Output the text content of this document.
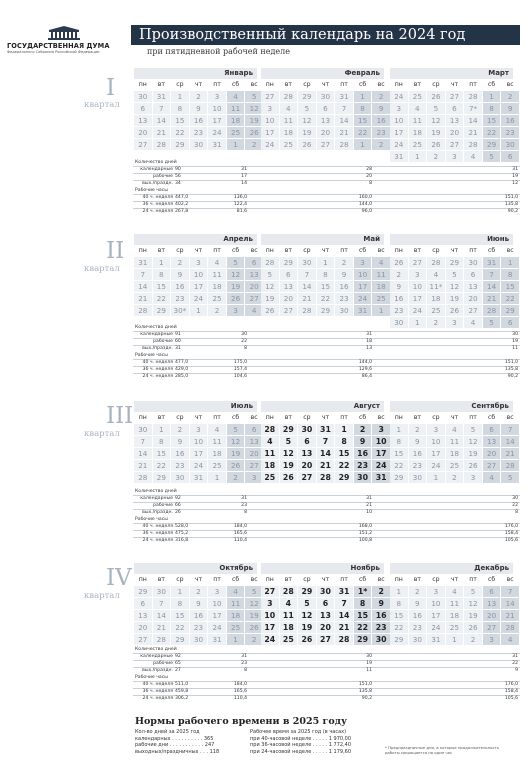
ГОСУДАРСТВЕННАЯ ДУМА
Федерального Собрания Российской Федерации
Производственный календарь на 2024 год
при пятидневной рабочей неделе
I
квартал
II
квартал
III
квартал
IV
квартал
Январь
пн	вт	ср	чт	пт	сб	вс
30	31	1	2	3	4	5
6	7	8	9	10	11	12
13	14	15	16	17	18	19
20	21	22	23	24	25	26
27	28	29	30	31	1	2
Февраль
пн	вт	ср	чт	пт	сб	вс
27	28	29	30	31	1	2
3	4	5	6	7	8	9
10	11	12	13	14	15	16
17	18	19	20	21	22	23
24	25	26	27	28	1	2
Март
пн	вт	ср	чт	пт	сб	вс
24	25	26	27	28	1	2
3	4	5	6	7*	8	9
10	11	12	13	14	15	16
17	18	19	20	21	22	23
24	25	26	27	28	29	30
31	1	2	3	4	5	6
Апрель
пн	вт	ср	чт	пт	сб	вс
31	1	2	3	4	5	6
7	8	9	10	11	12	13
14	15	16	17	18	19	20
21	22	23	24	25	26	27
28	29	30*	1	2	3	4
Май
пн	вт	ср	чт	пт	сб	вс
28	29	30	1	2	3	4
5	6	7	8	9	10	11
12	13	14	15	16	17	18
19	20	21	22	23	24	25
26	27	28	29	30	31	1
Июнь
пн	вт	ср	чт	пт	сб	вс
26	27	28	29	30	31	1
2	3	4	5	6	7	8
9	10	11*	12	13	14	15
16	17	18	19	20	21	22
23	24	25	26	27	28	29
30	1	2	3	4	5	6
Июль
пн	вт	ср	чт	пт	сб	вс
30	1	2	3	4	5	6
7	8	9	10	11	12	13
14	15	16	17	18	19	20
21	22	23	24	25	26	27
28	29	30	31	1	2	3
Август
пн	вт	ср	чт	пт	сб	вс
28	29	30	31	1	2	3
4	5	6	7	8	9	10
11	12	13	14	15	16	17
18	19	20	21	22	23	24
25	26	27	28	29	30	31
Сентябрь
пн	вт	ср	чт	пт	сб	вс
1	2	3	4	5	6	7
8	9	10	11	12	13	14
15	16	17	18	19	20	21
22	23	24	25	26	27	28
29	30	1	2	3	4	5
Октябрь
пн	вт	ср	чт	пт	сб	вс
29	30	1	2	3	4	5
6	7	8	9	10	11	12
13	14	15	16	17	18	19
20	21	22	23	24	25	26
27	28	29	30	31	1	2
Ноябрь
пн	вт	ср	чт	пт	сб	вс
27	28	29	30	31	1*	2
3	4	5	6	7	8	9
10	11	12	13	14	15	16
17	18	19	20	21	22	23
24	25	26	27	28	29	30
Декабрь
пн	вт	ср	чт	пт	сб	вс
1	2	3	4	5	6	7
8	9	10	11	12	13	14
15	16	17	18	19	20	21
22	23	24	25	26	27	28
29	30	31	1	2	3	4
Количество дней
календарные 90	31	28	31
рабочие 56	17	20	19
вых./праздн. 34	14	8	12
Рабочие часы
40 ч. неделя 447,0	136,0	160,0	151,0
36 ч. неделя 402,2	122,4	144,0	135,8
24 ч. неделя 267,8	81,6	96,0	90,2
Количество дней
календарные 91	30	31	30
рабочие 60	22	18	19
вых./праздн. 31	8	13	11
Рабочие часы
40 ч. неделя 477,0	175,0	144,0	151,0
36 ч. неделя 429,0	157,4	129,6	135,8
24 ч. неделя 285,0	104,6	86,4	90,2
Количество дней
календарные 92	31	31	30
рабочие 66	23	21	22
вых./праздн. 26	8	10	8
Рабочие часы
40 ч. неделя 528,0	184,0	168,0	176,0
36 ч. неделя 475,2	165,6	151,2	158,4
24 ч. неделя 316,8	110,4	100,8	105,6
Количество дней
календарные 92	31	30	31
рабочие 65	23	19	22
вых./праздн. 27	8	11	9
Рабочие часы
40 ч. неделя 511,0	184,0	151,0	176,0
36 ч. неделя 459,8	165,6	135,8	158,4
24 ч. неделя 306,2	110,4	90,2	105,6
Нормы рабочего времени в 2025 году
Кол-во дней за 2025 год
календарных . . . . . . . . . . 365
рабочие дни . . . . . . . . . . . 247
выходных/праздничных . . . 118
Рабочее время за 2025 год (в часах)
при 40-часовой неделе . . . . . 1 970,00
при 36-часовой неделе . . . . . 1 772,40
при 24-часовой неделе . . . . . 1 179,60
* Предпраздничные дни, в которые продолжительность работы сокращается на один час
